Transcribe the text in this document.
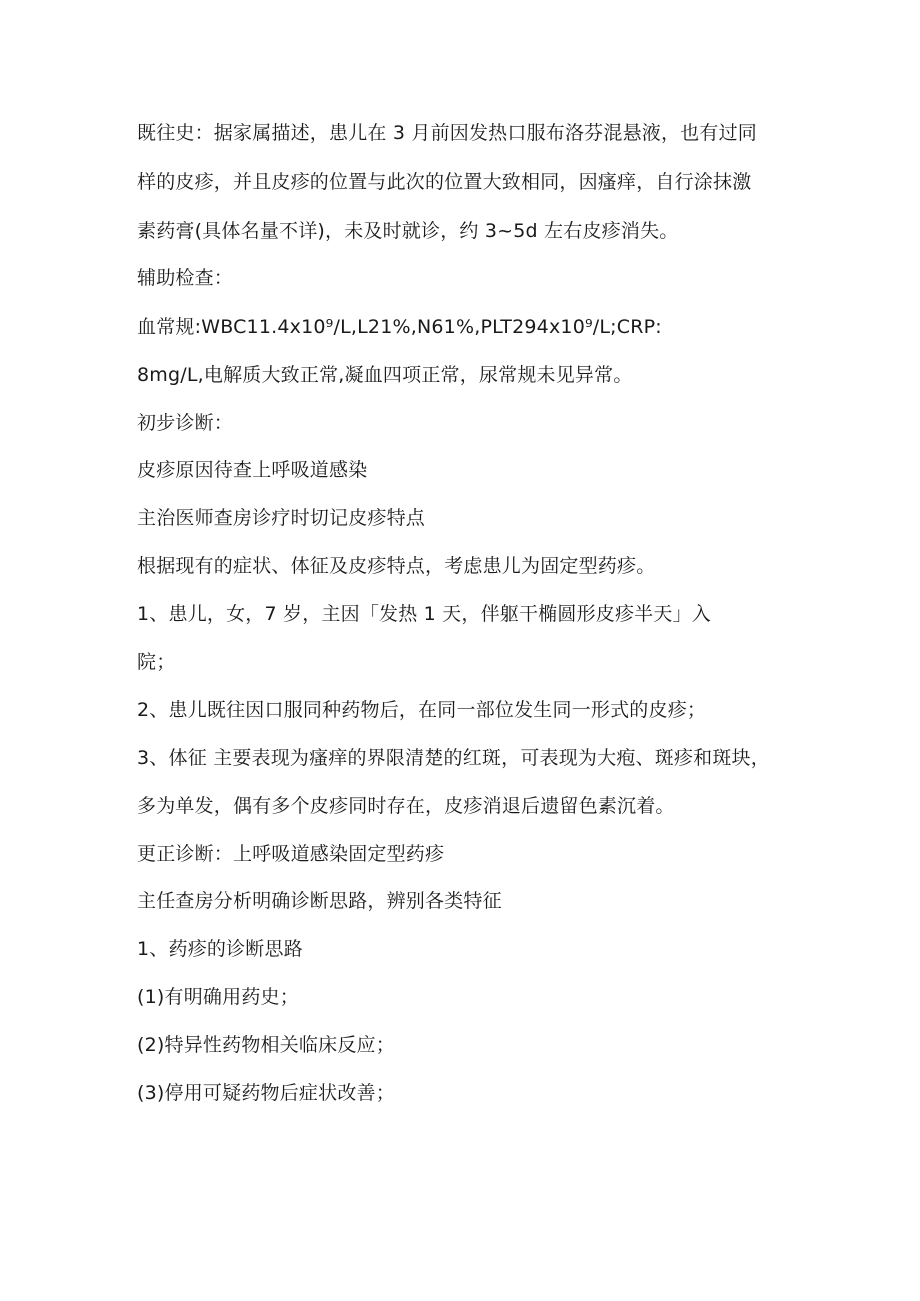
既往史：据家属描述，患儿在 3 月前因发热口服布洛芬混悬液，也有过同
样的皮疹，并且皮疹的位置与此次的位置大致相同，因瘙痒，自行涂抹激
素药膏(具体名量不详)，未及时就诊，约 3~5d 左右皮疹消失。
辅助检查：
血常规:WBC11.4x10⁹/L,L21%,N61%,PLT294x10⁹/L;CRP:
8mg/L,电解质大致正常,凝血四项正常，尿常规未见异常。
初步诊断：
皮疹原因待查上呼吸道感染
主治医师查房诊疗时切记皮疹特点
根据现有的症状、体征及皮疹特点，考虑患儿为固定型药疹。
1、患儿，女，7 岁，主因「发热 1 天，伴躯干椭圆形皮疹半天」入
院；
2、患儿既往因口服同种药物后，在同一部位发生同一形式的皮疹；
3、体征 主要表现为瘙痒的界限清楚的红斑，可表现为大疱、斑疹和斑块，
多为单发，偶有多个皮疹同时存在，皮疹消退后遗留色素沉着。
更正诊断：上呼吸道感染固定型药疹
主任查房分析明确诊断思路，辨别各类特征
1、药疹的诊断思路
(1)有明确用药史；
(2)特异性药物相关临床反应；
(3)停用可疑药物后症状改善；
